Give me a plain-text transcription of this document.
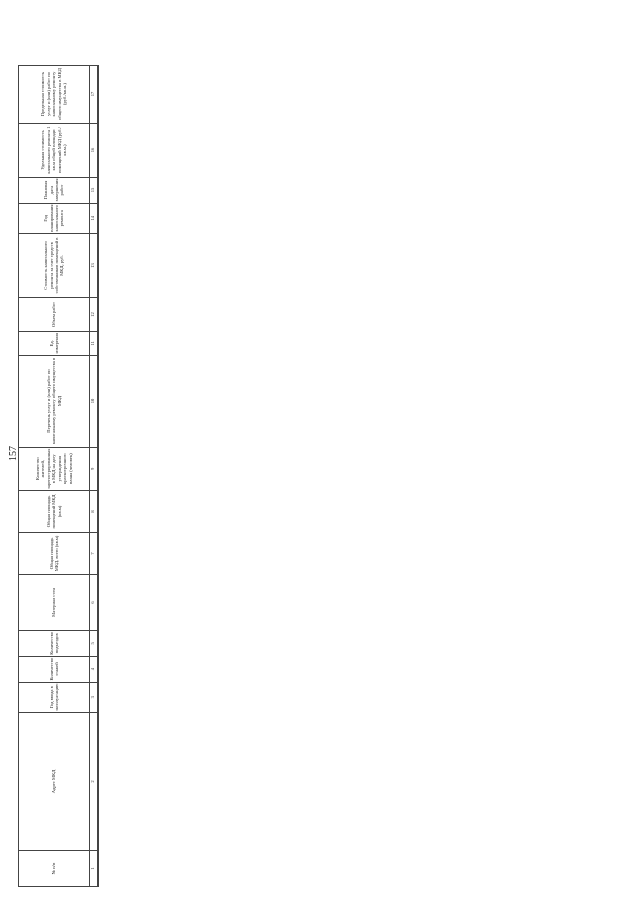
157
№ п/п	Адрес МКД	Год ввода в эксплуатацию	Количество этажей	Количество подъездов	Материал стен	Общая площадь МКД, всего (кв.м)	Общая площадь помещений МКД (кв.м)	Количество жителей, зарегистрированных в МКД на дату утверждения краткосрочного плана (человек)	Перечень услуг и (или) работ по капитальному ремонту общего имущества в МКД	Ед. измерения	Объем работ	Стоимость капитального ремонта за счет средств собственников помещений в МКД, руб.	Год планирования капитального ремонта	Плановая дата завершения работ	Удельная стоимость капитального ремонта 1 кв.м общей площади помещений МКД (руб./кв.м.)	Предельная стоимость услуг и (или) работ по капитальному ремонту общего имущества в МКД (руб./кв.м.)
1	2	3	4	5	6	7	8	9	10	11	12	13	14	15	16	17
